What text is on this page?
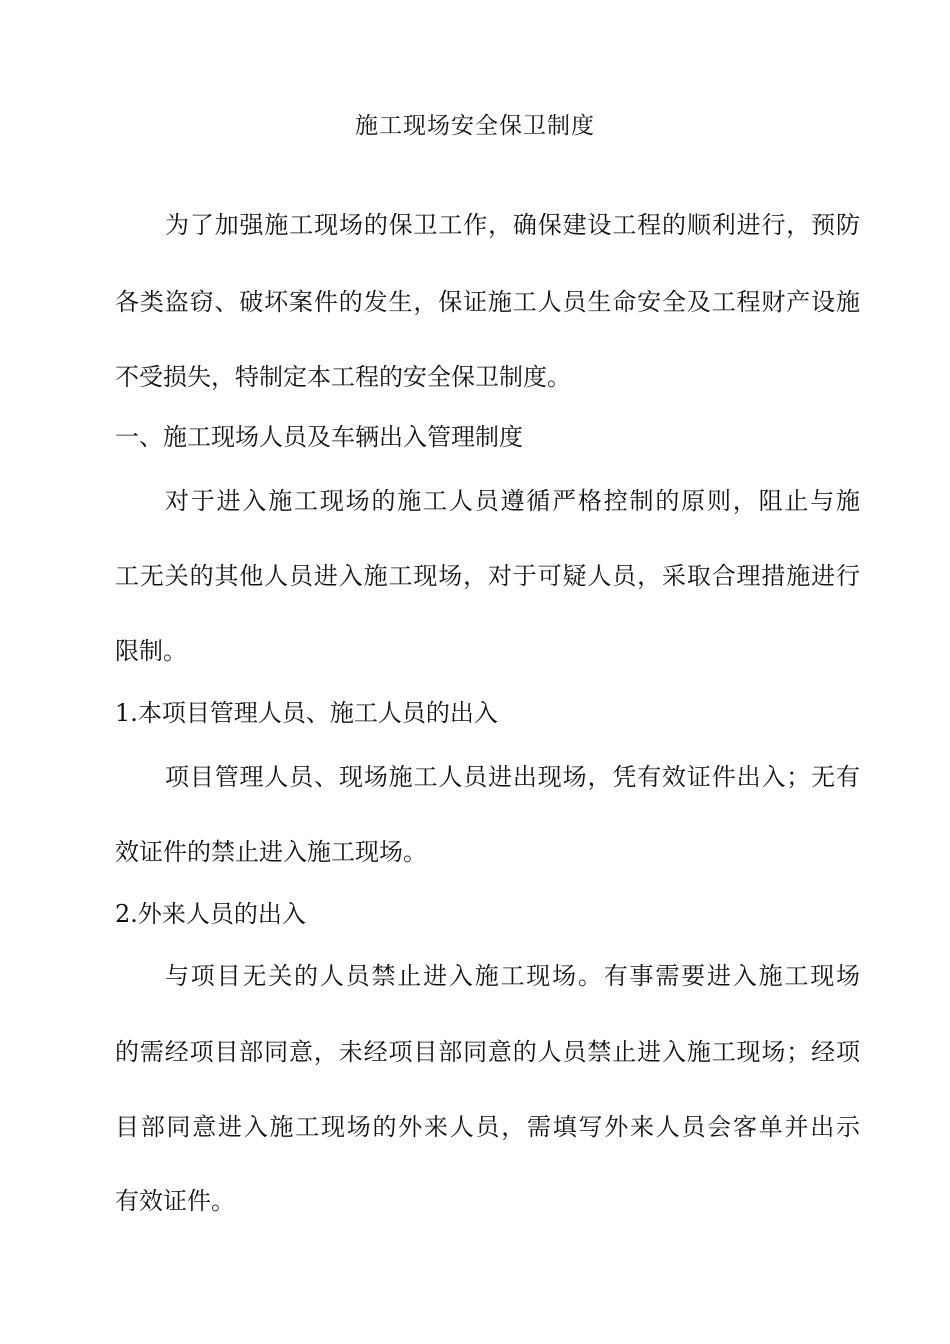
施工现场安全保卫制度
为了加强施工现场的保卫工作，确保建设工程的顺利进行，预防
各类盗窃、破坏案件的发生，保证施工人员生命安全及工程财产设施
不受损失，特制定本工程的安全保卫制度。
一、施工现场人员及车辆出入管理制度
对于进入施工现场的施工人员遵循严格控制的原则，阻止与施
工无关的其他人员进入施工现场，对于可疑人员，采取合理措施进行
限制。
1.本项目管理人员、施工人员的出入
项目管理人员、现场施工人员进出现场，凭有效证件出入；无有
效证件的禁止进入施工现场。
2.外来人员的出入
与项目无关的人员禁止进入施工现场。有事需要进入施工现场
的需经项目部同意，未经项目部同意的人员禁止进入施工现场；经项
目部同意进入施工现场的外来人员，需填写外来人员会客单并出示
有效证件。
